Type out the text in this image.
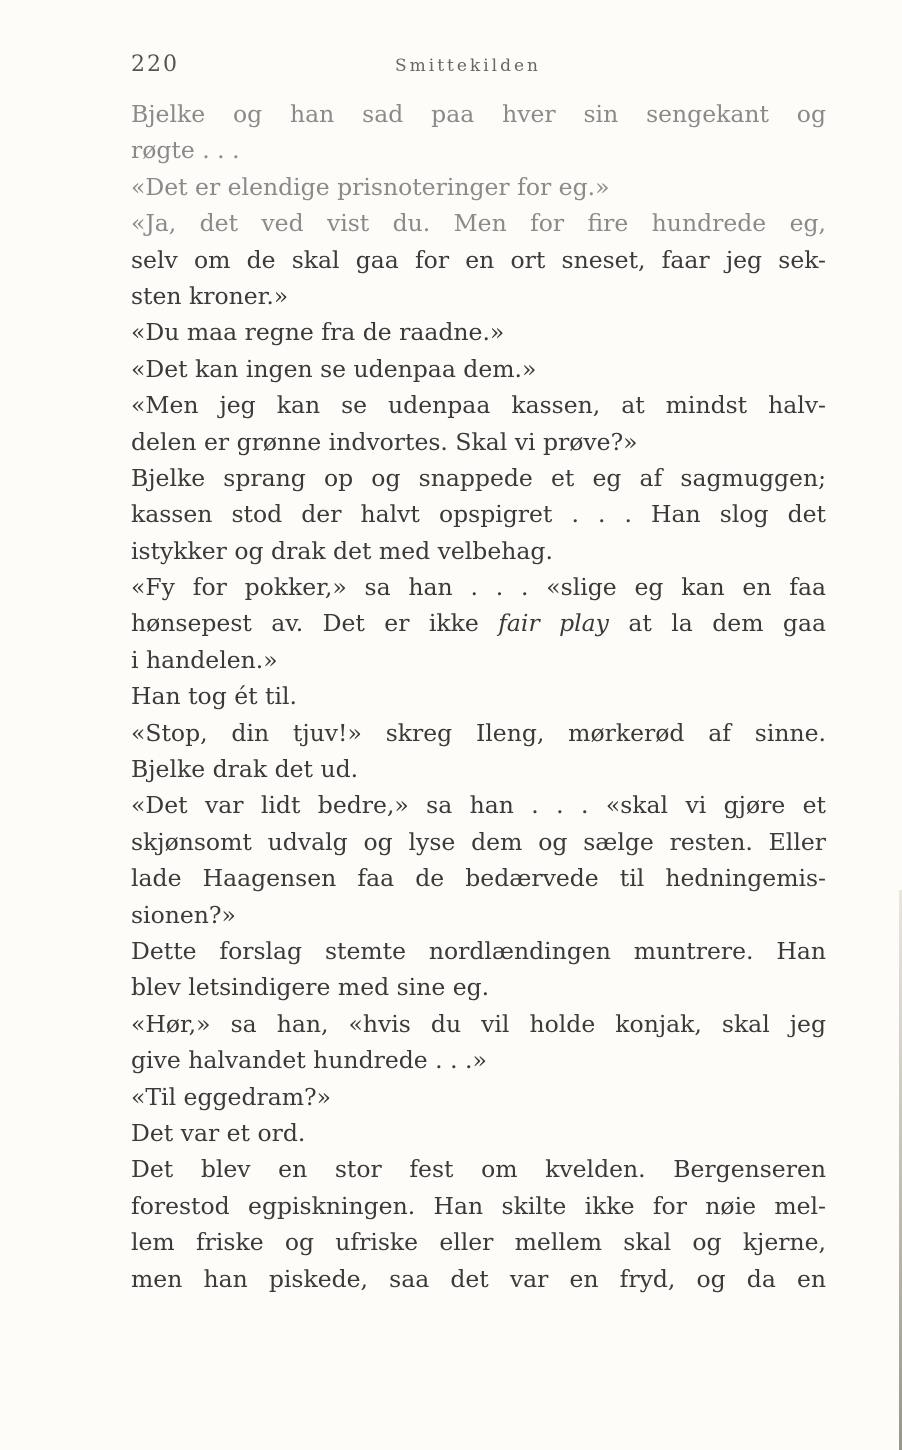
220	Smittekilden
Bjelke og han sad paa hver sin sengekant og
røgte . . .
«Det er elendige prisnoteringer for eg.»
«Ja, det ved vist du. Men for fire hundrede eg,
selv om de skal gaa for en ort sneset, faar jeg sek-
sten kroner.»
«Du maa regne fra de raadne.»
«Det kan ingen se udenpaa dem.»
«Men jeg kan se udenpaa kassen, at mindst halv-
delen er grønne indvortes. Skal vi prøve?»
Bjelke sprang op og snappede et eg af sagmuggen;
kassen stod der halvt opspigret . . . Han slog det
istykker og drak det med velbehag.
«Fy for pokker,» sa han . . . «slige eg kan en faa
hønsepest av. Det er ikke fair play at la dem gaa
i handelen.»
Han tog ét til.
«Stop, din tjuv!» skreg Ileng, mørkerød af sinne.
Bjelke drak det ud.
«Det var lidt bedre,» sa han . . . «skal vi gjøre et
skjønsomt udvalg og lyse dem og sælge resten. Eller
lade Haagensen faa de bedærvede til hedningemis-
sionen?»
Dette forslag stemte nordlændingen muntrere. Han
blev letsindigere med sine eg.
«Hør,» sa han, «hvis du vil holde konjak, skal jeg
give halvandet hundrede . . .»
«Til eggedram?»
Det var et ord.
Det blev en stor fest om kvelden. Bergenseren
forestod egpiskningen. Han skilte ikke for nøie mel-
lem friske og ufriske eller mellem skal og kjerne,
men han piskede, saa det var en fryd, og da en
